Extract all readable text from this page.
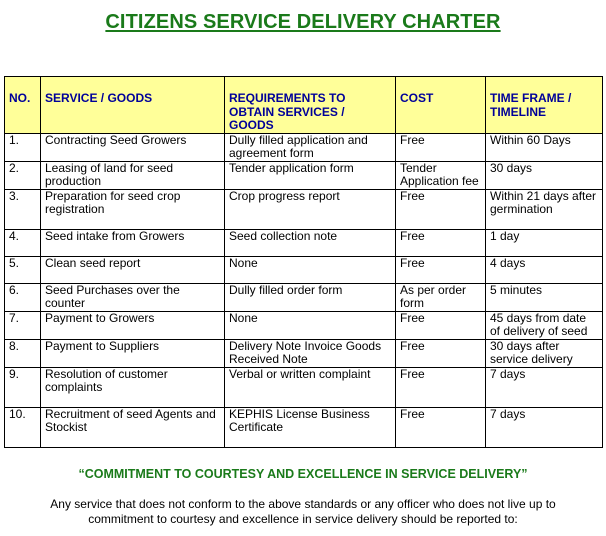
CITIZENS SERVICE DELIVERY CHARTER
NO.	SERVICE / GOODS	REQUIREMENTS TO OBTAIN SERVICES / GOODS	COST	TIME FRAME / TIMELINE
1.	Contracting Seed Growers	Dully filled application and agreement form	Free	Within 60 Days
2.	Leasing of land for seed production	Tender application form	Tender Application fee	30 days
3.	Preparation for seed crop registration	Crop progress report	Free	Within 21 days after germination
4.	Seed intake from Growers	Seed collection note	Free	1 day
5.	Clean seed report	None	Free	4 days
6.	Seed Purchases over the counter	Dully filled order form	As per order form	5 minutes
7.	Payment to Growers	None	Free	45 days from date of delivery of seed
8.	Payment to Suppliers	Delivery Note Invoice Goods Received Note	Free	30 days after service delivery
9.	Resolution of customer complaints	Verbal or written complaint	Free	7 days
10.	Recruitment of seed Agents and Stockist	KEPHIS License Business Certificate	Free	7 days
“COMMITMENT TO COURTESY AND EXCELLENCE IN SERVICE DELIVERY”
Any service that does not conform to the above standards or any officer who does not live up to commitment to courtesy and excellence in service delivery should be reported to:
